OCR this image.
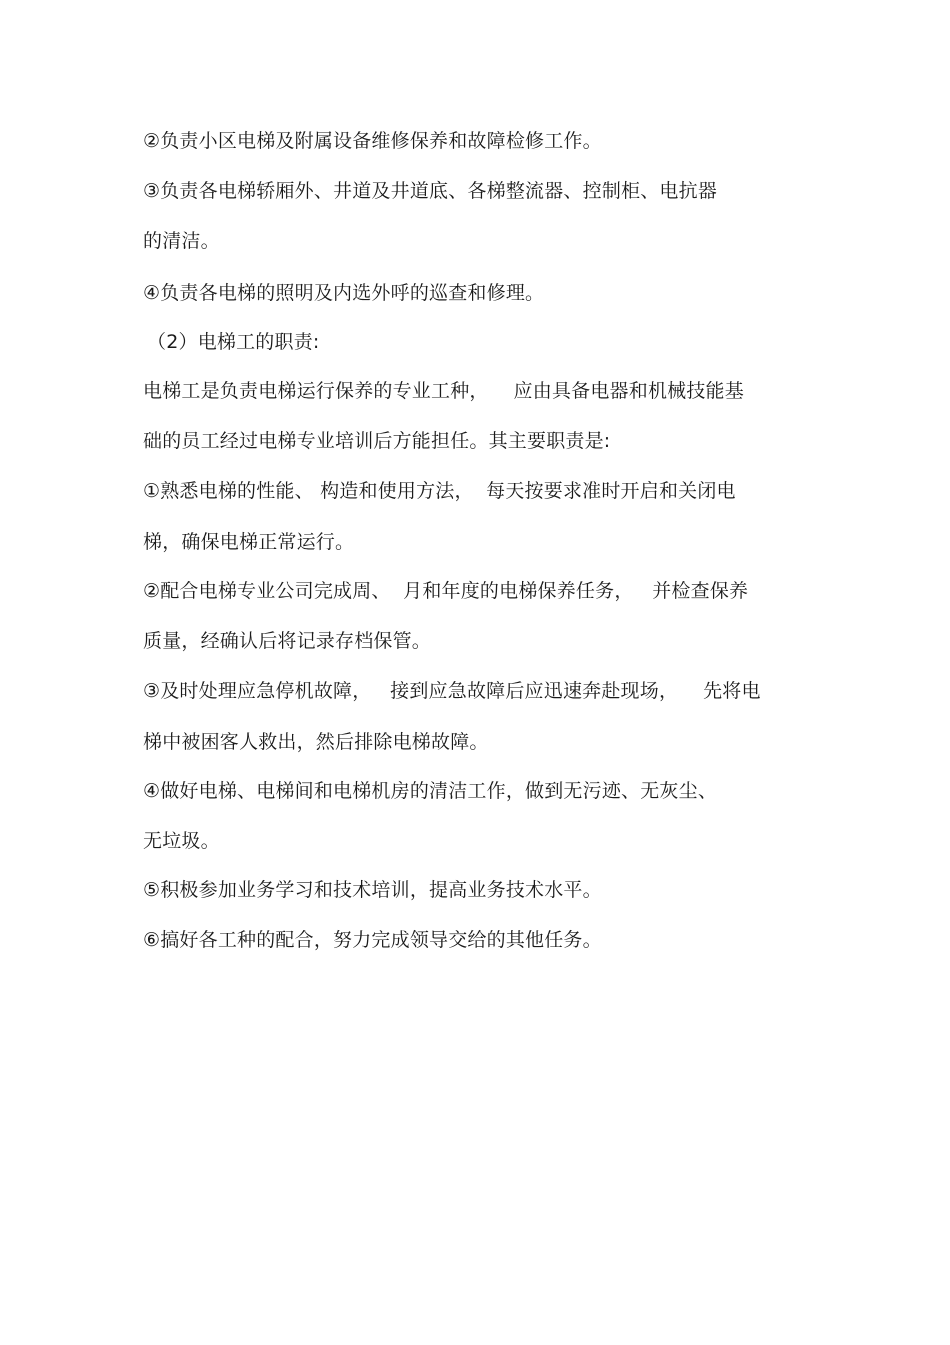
②负责小区电梯及附属设备维修保养和故障检修工作。
③负责各电梯轿厢外、井道及井道底、各梯整流器、控制柜、电抗器
的清洁。
④负责各电梯的照明及内选外呼的巡查和修理。
（2）电梯工的职责:
电梯工是负责电梯运行保养的专业工种，    应由具备电器和机械技能基
础的员工经过电梯专业培训后方能担任。其主要职责是:
①熟悉电梯的性能、 构造和使用方法，  每天按要求准时开启和关闭电
梯，确保电梯正常运行。
②配合电梯专业公司完成周、  月和年度的电梯保养任务，   并检查保养
质量，经确认后将记录存档保管。
③及时处理应急停机故障，   接到应急故障后应迅速奔赴现场，    先将电
梯中被困客人救出，然后排除电梯故障。
④做好电梯、电梯间和电梯机房的清洁工作，做到无污迹、无灰尘、
无垃圾。
⑤积极参加业务学习和技术培训，提高业务技术水平。
⑥搞好各工种的配合，努力完成领导交给的其他任务。
